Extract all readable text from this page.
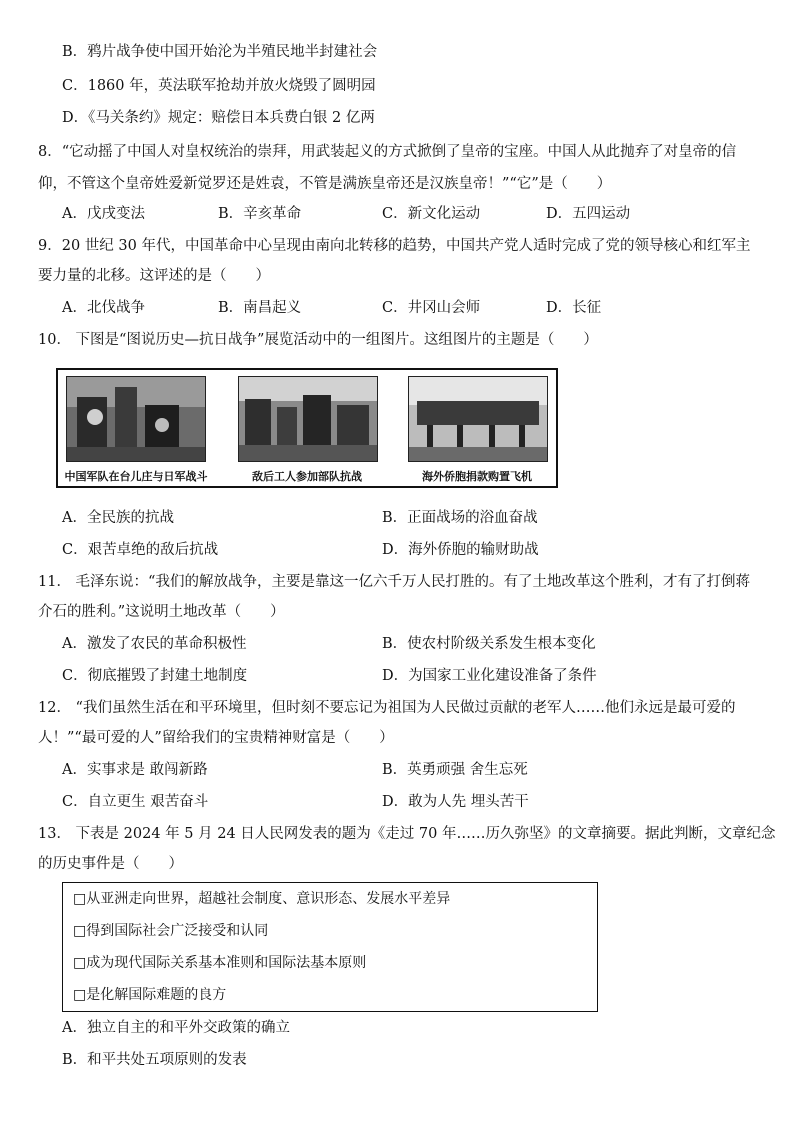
B．鸦片战争使中国开始沦为半殖民地半封建社会
C．1860 年，英法联军抢劫并放火烧毁了圆明园
D．《马关条约》规定：赔偿日本兵费白银 2 亿两
8．“它动摇了中国人对皇权统治的崇拜，用武装起义的方式掀倒了皇帝的宝座。中国人从此抛弃了对皇帝的信
仰，不管这个皇帝姓爱新觉罗还是姓袁，不管是满族皇帝还是汉族皇帝！”“它”是（　　）
A．戊戌变法	B．辛亥革命	C．新文化运动	D．五四运动
9．20 世纪 30 年代，中国革命中心呈现由南向北转移的趋势，中国共产党人适时完成了党的领导核心和红军主
要力量的北移。这评述的是（　　）
A．北伐战争	B．南昌起义	C．井冈山会师	D．长征
10． 下图是“图说历史—抗日战争”展览活动中的一组图片。这组图片的主题是（　　）
中国军队在台儿庄与日军战斗	敌后工人参加部队抗战	海外侨胞捐款购置飞机
A．全民族的抗战	B．正面战场的浴血奋战
C．艰苦卓绝的敌后抗战	D．海外侨胞的输财助战
11． 毛泽东说：“我们的解放战争，主要是靠这一亿六千万人民打胜的。有了土地改革这个胜利，才有了打倒蒋
介石的胜利。”这说明土地改革（　　）
A．激发了农民的革命积极性	B．使农村阶级关系发生根本变化
C．彻底摧毁了封建土地制度	D．为国家工业化建设准备了条件
12． “我们虽然生活在和平环境里，但时刻不要忘记为祖国为人民做过贡献的老军人……他们永远是最可爱的
人！”“最可爱的人”留给我们的宝贵精神财富是（　　）
A．实事求是 敢闯新路	B．英勇顽强 舍生忘死
C．自立更生 艰苦奋斗	D．敢为人先 埋头苦干
13． 下表是 2024 年 5 月 24 日人民网发表的题为《走过 70 年……历久弥坚》的文章摘要。据此判断，文章纪念
的历史事件是（　　）
□从亚洲走向世界，超越社会制度、意识形态、发展水平差异
□得到国际社会广泛接受和认同
□成为现代国际关系基本准则和国际法基本原则
□是化解国际难题的良方
A．独立自主的和平外交政策的确立
B．和平共处五项原则的发表
